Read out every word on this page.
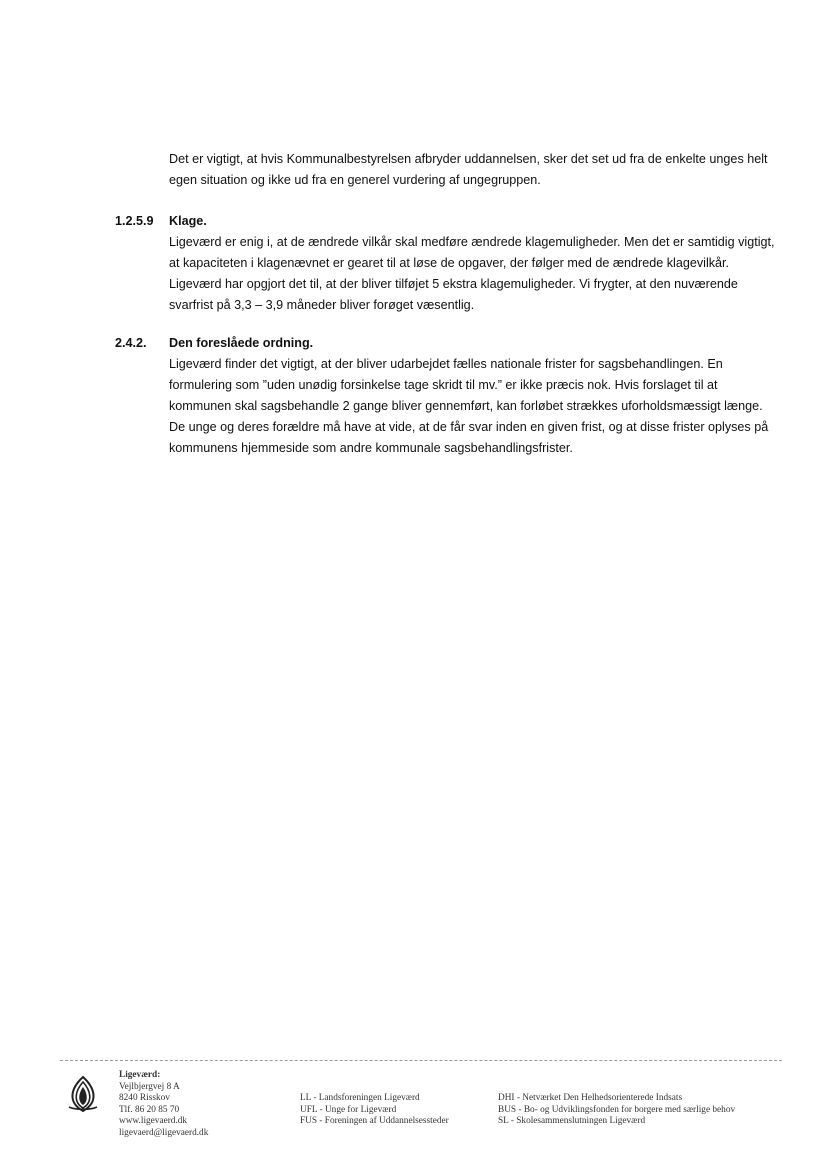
Det er vigtigt, at hvis Kommunalbestyrelsen afbryder uddannelsen, sker det set ud fra de enkelte unges helt egen situation og ikke ud fra en generel vurdering af ungegruppen.

1.2.5.9 Klage.
Ligeværd er enig i, at de ændrede vilkår skal medføre ændrede klagemuligheder. Men det er samtidig vigtigt, at kapaciteten i klagenævnet er gearet til at løse de opgaver, der følger med de ændrede klagevilkår. Ligeværd har opgjort det til, at der bliver tilføjet 5 ekstra klagemuligheder. Vi frygter, at den nuværende svarfrist på 3,3 – 3,9 måneder bliver forøget væsentlig.
2.4.2. Den foreslåede ordning.
Ligeværd finder det vigtigt, at der bliver udarbejdet fælles nationale frister for sagsbehandlingen. En formulering som ”uden unødig forsinkelse tage skridt til mv.” er ikke præcis nok. Hvis forslaget til at kommunen skal sagsbehandle 2 gange bliver gennemført, kan forløbet strækkes uforholdsmæssigt længe. De unge og deres forældre må have at vide, at de får svar inden en given frist, og at disse frister oplyses på kommunens hjemmeside som andre kommunale sagsbehandlingsfrister.
Ligeværd:
Vejlbjergvej 8 A
8240 Risskov
Tlf. 86 20 85 70
www.ligevaerd.dk
ligevaerd@ligevaerd.dk
LL - Landsforeningen Ligeværd
UFL - Unge for Ligeværd
FUS - Foreningen af Uddannelsessteder
DHI - Netværket Den Helhedsorienterede Indsats
BUS - Bo- og Udviklingsfonden for borgere med særlige behov
SL - Skolesammenslutningen Ligeværd
